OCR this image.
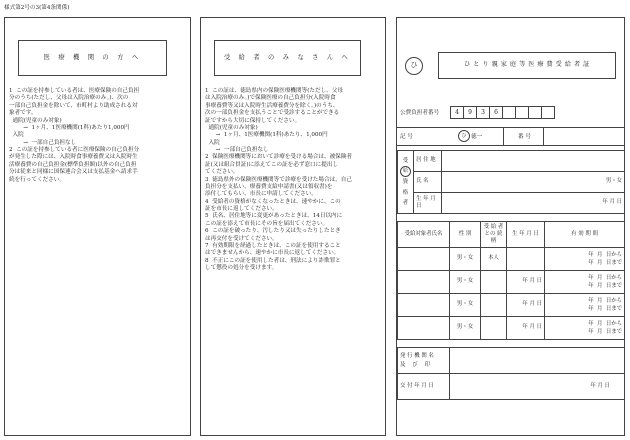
様式第2号の3(第4条関係)
医 療 機 関 の 方 へ
1  この証を持参している者は、医療保険の自己負担
分のうち(ただし、父母は入院治療のみ。)、次の
一部自己負担金を除いて、市町村より助成される対
象者です。
通院(児童のみ対象)
→  1ヶ月、1医療機関(1科)あたり1,000円
入院
→  一部自己負担なし
2  この証を持参している者に医療保険の自己負担分
が発生した際には、入院時食事療養費又は入院時生
活療養費の自己負担金(標準負担額)以外の自己負担
分は従来と同様に国保連合会又は支払基金へ請求手
続を行ってください。
受 給 者 の み な さ ん へ
1  この証は、徳島県内の保険医療機関等(ただし、父母
は入院治療のみ。)で保険医療の自己負担分(入院時食
事療養費等又は入院時生活療養費分を除く。)のうち、
次の一部負担金を支払うことで受診することができる
証ですから大切に保持してください。
通院(児童のみ対象)
→  1ヶ月、1医療機関(1科)あたり、1,000円
入院
→  一部自己負担なし
2  保険医療機関等において診療を受ける場合は、被保険者
証(又は組合員証)に添えてこの証を必ず窓口に提出し
てください。
3  徳島県外の保険医療機関等で診療を受けた場合は、自己
負担分を支払い、療養費支給申請書(又は領収書)を
添付してもらい、市長に申請してください。
4  受給者の資格がなくなったときは、速やかに、この
証を市長に返してください。
5  氏名、居住地等に変更があったときは、14日以内に
この証を添えて市長にその旨を届出てください。
6  この証を破ったり、汚したり又は失ったりしたとき
は再交付を受けてください。
7  有効期限を経過したときは、この証を使用すること
はできませんから、速やかに市長に返してください。
8  不正にこの証を使用した者は、刑法により詐欺罪と
して懲役の処分を受けます。
ひ	ひ と り 親 家 庭 等 医 療 費 受 給 者 証
公費負担者番号	4	9	3	6
記 号	ひ 徳一	番 号
受
給
資
格
者	居 住 地	
	氏 名	男・女
	生 年 月 日	年 月 日
受給対象者氏名	性 別	受 給 者 との 続 柄	生 年 月 日	有 効 期 間
	男・女	本人		年  月  日から
年  月  日まで
	男・女		年 月 日	年  月  日から
年  月  日まで
	男・女		年 月 日	年  月  日から
年  月  日まで
	男・女		年 月 日	年  月  日から
年  月  日まで
発 行 機 関 名
及    び    印	
交 付 年 月 日	年 月 日
